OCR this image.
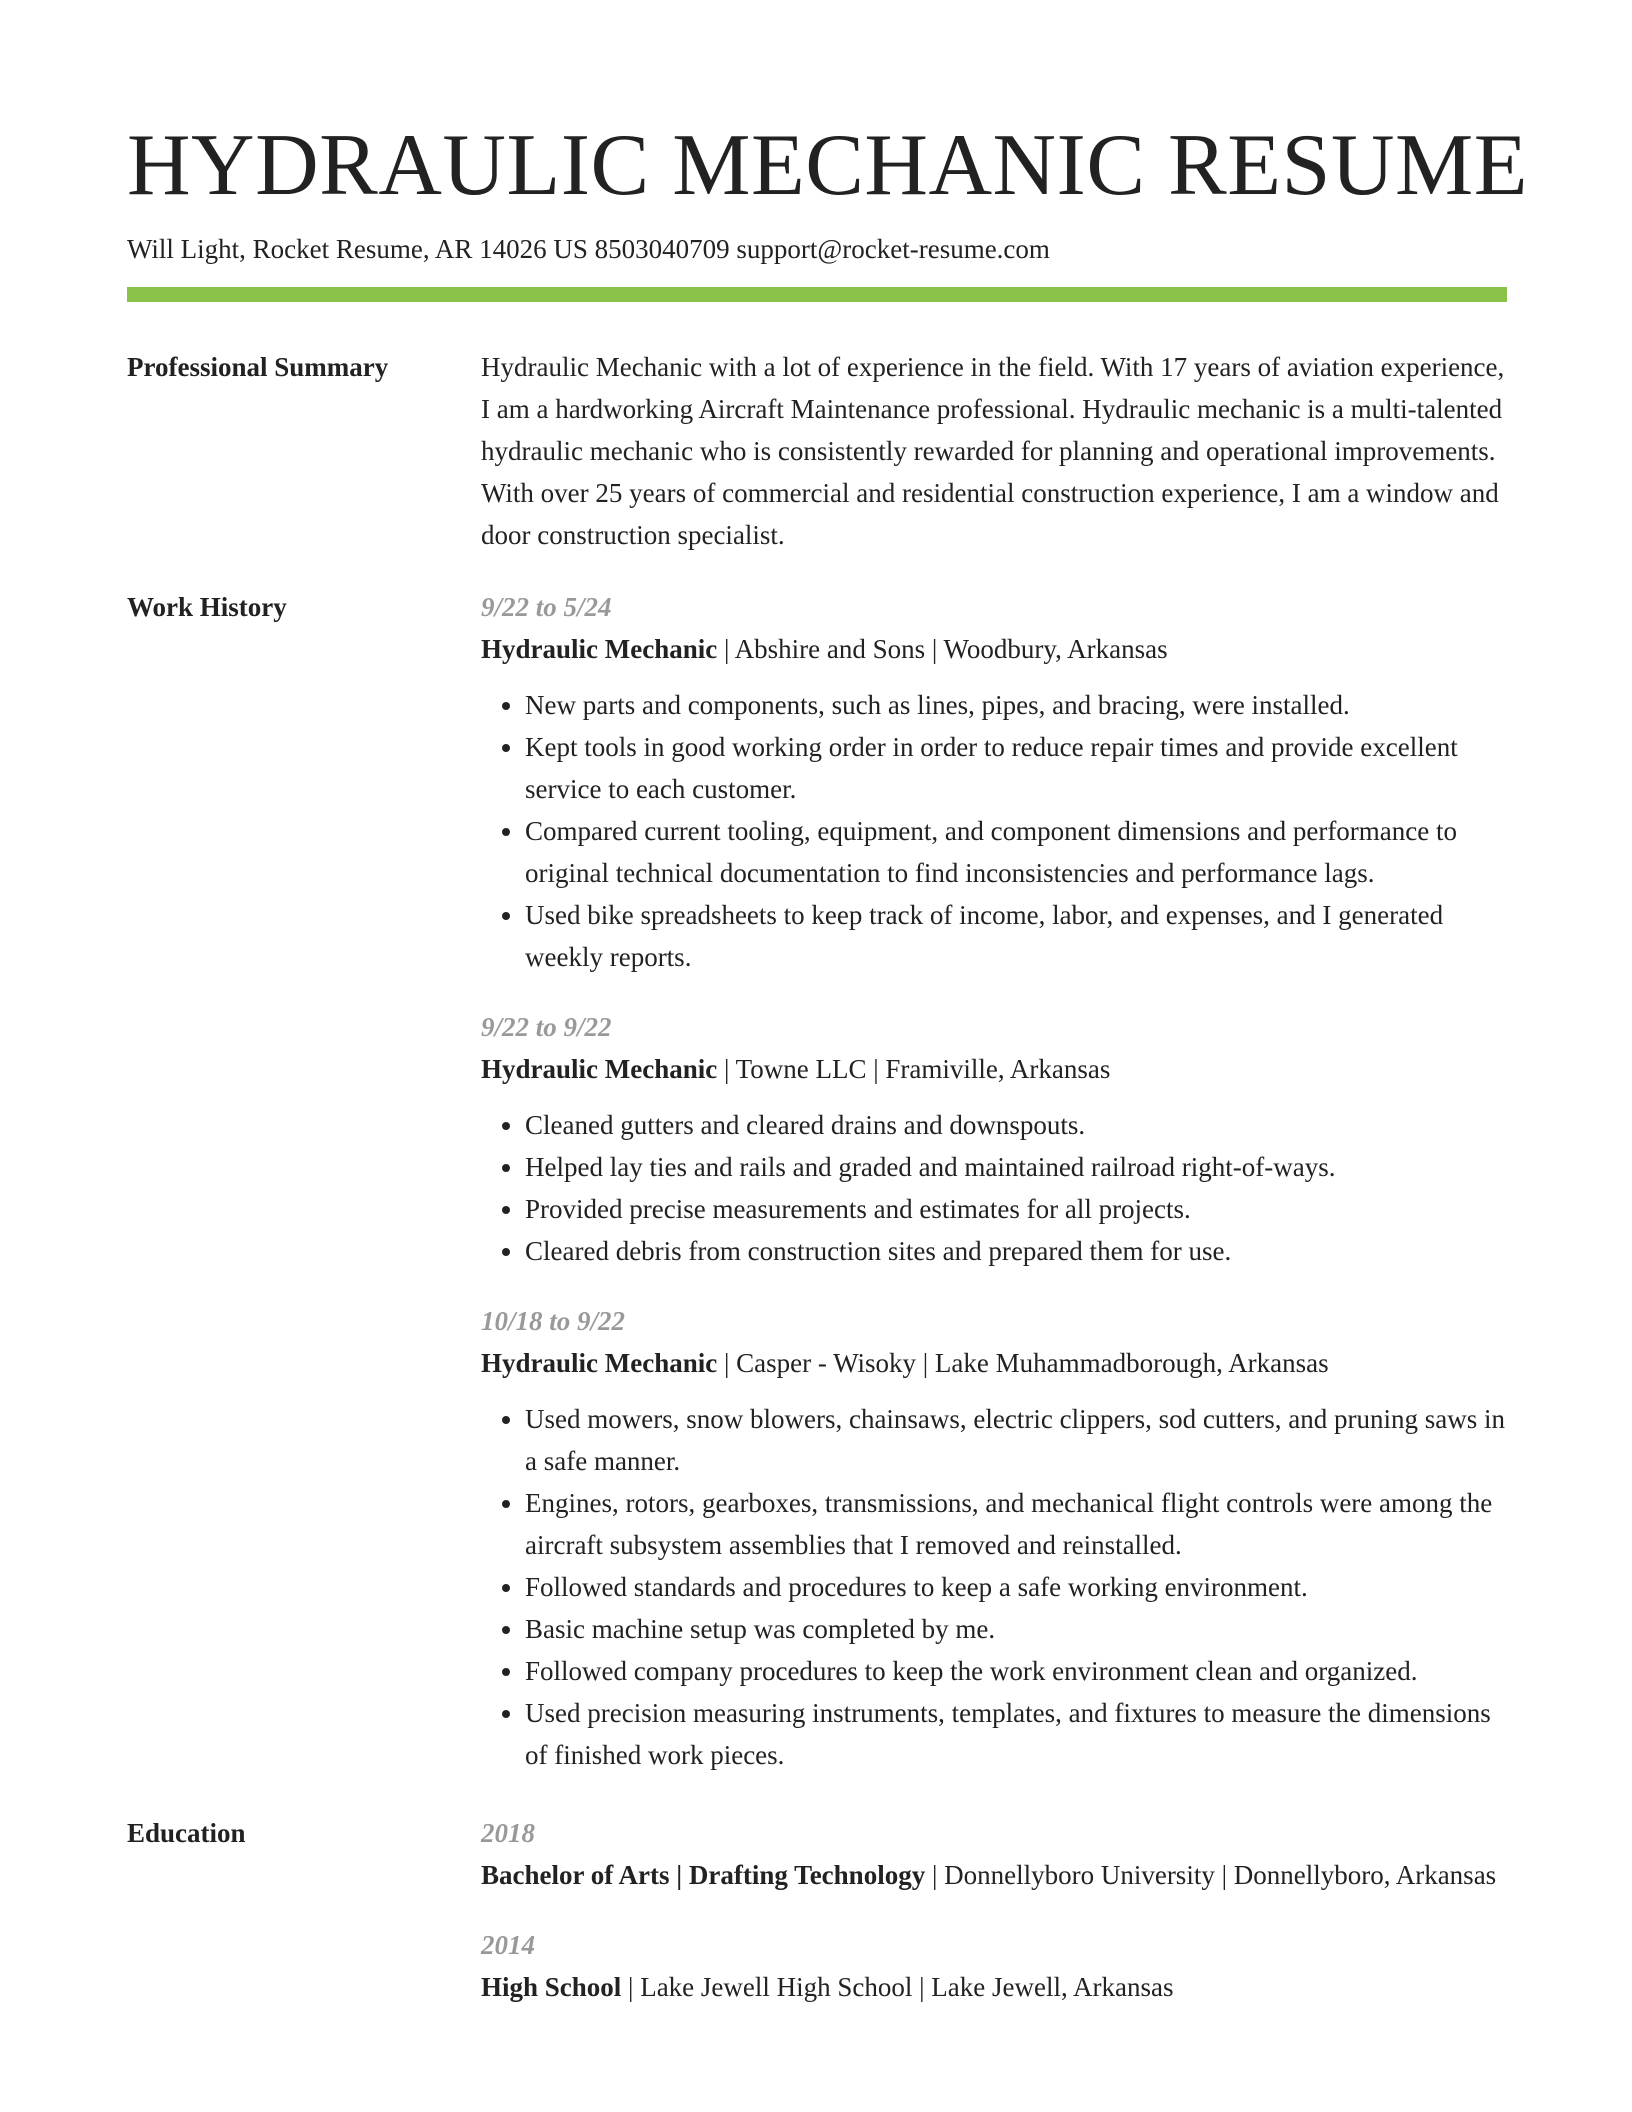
HYDRAULIC MECHANIC RESUME
Will Light, Rocket Resume, AR 14026 US 8503040709 support@rocket-resume.com
Professional Summary	Hydraulic Mechanic with a lot of experience in the field. With 17 years of aviation experience, I am a hardworking Aircraft Maintenance professional. Hydraulic mechanic is a multi-talented hydraulic mechanic who is consistently rewarded for planning and operational improvements. With over 25 years of commercial and residential construction experience, I am a window and door construction specialist.

Work History	9/22 to 5/24
Hydraulic Mechanic | Abshire and Sons | Woodbury, Arkansas
• New parts and components, such as lines, pipes, and bracing, were installed.
• Kept tools in good working order in order to reduce repair times and provide excellent service to each customer.
• Compared current tooling, equipment, and component dimensions and performance to original technical documentation to find inconsistencies and performance lags.
• Used bike spreadsheets to keep track of income, labor, and expenses, and I generated weekly reports.
9/22 to 9/22
Hydraulic Mechanic | Towne LLC | Framiville, Arkansas
• Cleaned gutters and cleared drains and downspouts.
• Helped lay ties and rails and graded and maintained railroad right-of-ways.
• Provided precise measurements and estimates for all projects.
• Cleared debris from construction sites and prepared them for use.
10/18 to 9/22
Hydraulic Mechanic | Casper - Wisoky | Lake Muhammadborough, Arkansas
• Used mowers, snow blowers, chainsaws, electric clippers, sod cutters, and pruning saws in a safe manner.
• Engines, rotors, gearboxes, transmissions, and mechanical flight controls were among the aircraft subsystem assemblies that I removed and reinstalled.
• Followed standards and procedures to keep a safe working environment.
• Basic machine setup was completed by me.
• Followed company procedures to keep the work environment clean and organized.
• Used precision measuring instruments, templates, and fixtures to measure the dimensions of finished work pieces.
Education	2018
Bachelor of Arts | Drafting Technology | Donnellyboro University | Donnellyboro, Arkansas
2014
High School | Lake Jewell High School | Lake Jewell, Arkansas
